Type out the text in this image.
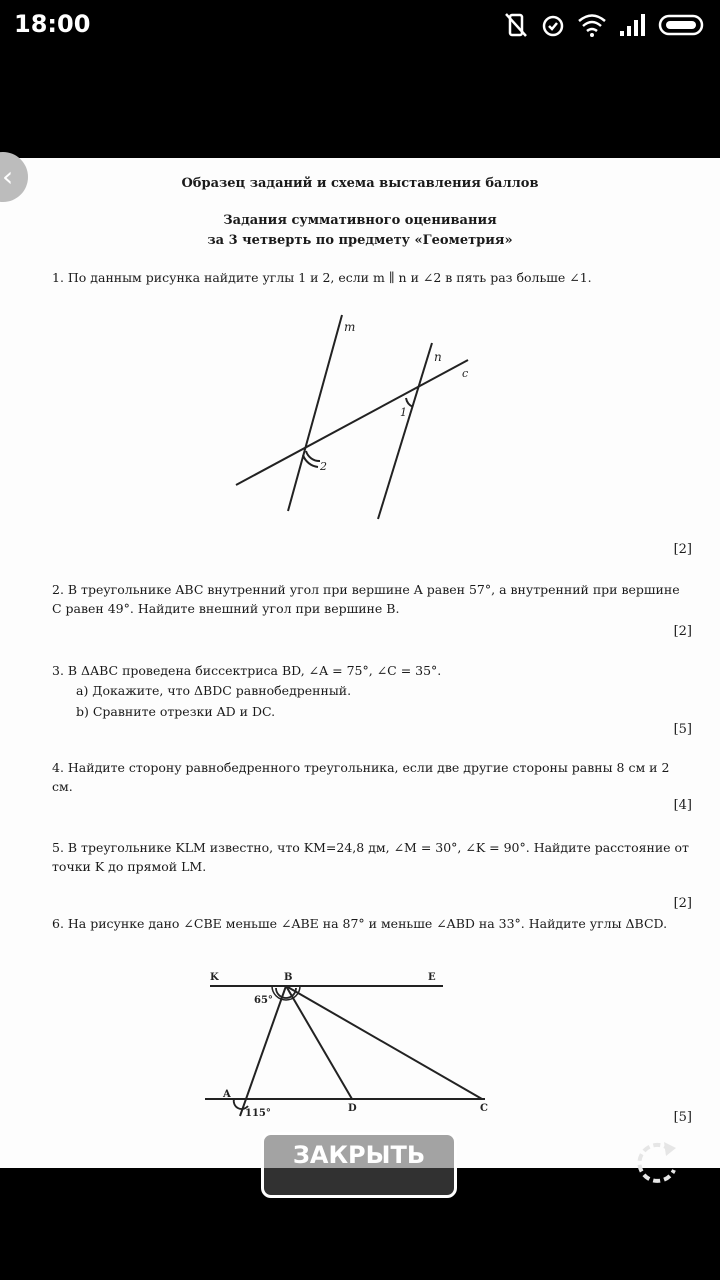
18:00
Образец заданий и схема выставления баллов
Задания суммативного оценивания
за 3 четверть по предмету «Геометрия»
1. По данным рисунка найдите углы 1 и 2, если m ∥ n и ∠2 в пять раз больше ∠1.
m
n
c
1
2
[2]
2. В треугольнике ABC внутренний угол при вершине A равен 57°, а внутренний при вершине C равен 49°. Найдите внешний угол при вершине B.
[2]
3. В ΔABC проведена биссектриса BD, ∠A = 75°, ∠C = 35°.
a) Докажите, что ΔBDC равнобедренный.
b) Сравните отрезки AD и DC.
[5]
4. Найдите сторону равнобедренного треугольника, если две другие стороны равны 8 см и 2 см.
[4]
5. В треугольнике KLM известно, что KM=24,8 дм, ∠M = 30°, ∠K = 90°. Найдите расстояние от точки K до прямой LM.
[2]
6. На рисунке дано ∠CBE меньше ∠ABE на 87° и меньше ∠ABD на 33°. Найдите углы ΔBCD.
K	B	E
A
D	C
65°
115°	[5]
‹
ЗАКРЫТЬ
